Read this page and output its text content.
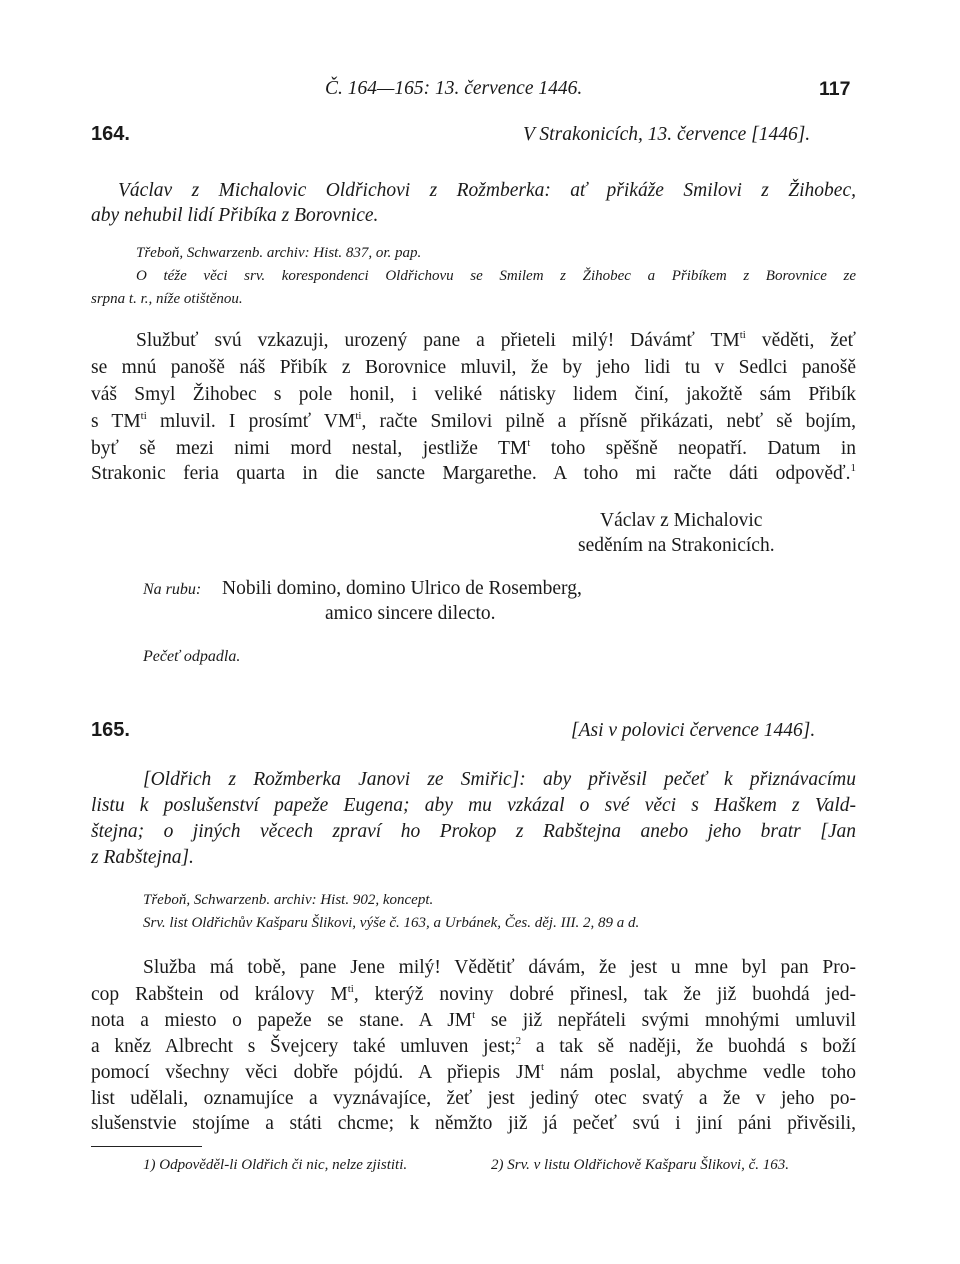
Č. 164—165: 13. července 1446.	117
164.	V Strakonicích, 13. července [1446].
Václav z Michalovic Oldřichovi z Rožmberka: ať přikáže Smilovi z Žihobec,
aby nehubil lidí Přibíka z Borovnice.
Třeboň, Schwarzenb. archiv: Hist. 837, or. pap.
O téže věci srv. korespondenci Oldřichovu se Smilem z Žihobec a Přibíkem z Borovnice ze
srpna t. r., níže otištěnou.
Službuť svú vzkazuji, urozený pane a přieteli milý! Dávámť $TM^{ti}$ věděti, žeť
se mnú panošě náš Přibík z Borovnice mluvil, že by jeho lidi tu v Sedlci panošě
váš Smyl Žihobec s pole honil, i veliké nátisky lidem činí, jakožtě sám Přibík
s $TM^{ti}$ mluvil. I prosímť $VM^{ti}$, račte Smilovi pilně a přísně přikázati, nebť sě bojím,
byť sě mezi nimi mord nestal, jestliže $TM^t$ toho spěšně neopatří. Datum in
Strakonic feria quarta in die sancte Margarethe. A toho mi račte dáti odpověď.$^1$
Václav z Michalovic
seděním na Strakonicích.
Na rubu: Nobili domino, domino Ulrico de Rosemberg,
amico sincere dilecto.
Pečeť odpadla.
165.	[Asi v polovici července 1446].
[Oldřich z Rožmberka Janovi ze Smiřic]: aby přivěsil pečeť k přiznávacímu
listu k poslušenství papeže Eugena; aby mu vzkázal o své věci s Haškem z Vald-
štejna; o jiných věcech zpraví ho Prokop z Rabštejna anebo jeho bratr [Jan
z Rabštejna].
Třeboň, Schwarzenb. archiv: Hist. 902, koncept.
Srv. list Oldřichův Kašparu Šlikovi, výše č. 163, a Urbánek, Čes. děj. III. 2, 89 a d.
Služba má tobě, pane Jene milý! Vědětiť dávám, že jest u mne byl pan Pro-
cop Rabštein od královy $M^{ti}$, kterýž noviny dobré přinesl, tak že již buohdá jed-
nota a miesto o papeže se stane. A $JM^t$ se již nepřáteli svými mnohými umluvil
a kněz Albrecht s Švejcery také umluven jest;$^2$ a tak sě naději, že buohdá s boží
pomocí všechny věci dobře pójdú. A přiepis $JM^t$ nám poslal, abychme vedle toho
list udělali, oznamujíce a vyznávajíce, žeť jest jediný otec svatý a že v jeho po-
slušenstvie stojíme a státi chcme; k němžto již já pečeť svú i jiní páni přivěsili,
1) Odpověděl-li Oldřich či nic, nelze zjistiti.	2) Srv. v listu Oldřichově Kašparu Šlikovi, č. 163.
